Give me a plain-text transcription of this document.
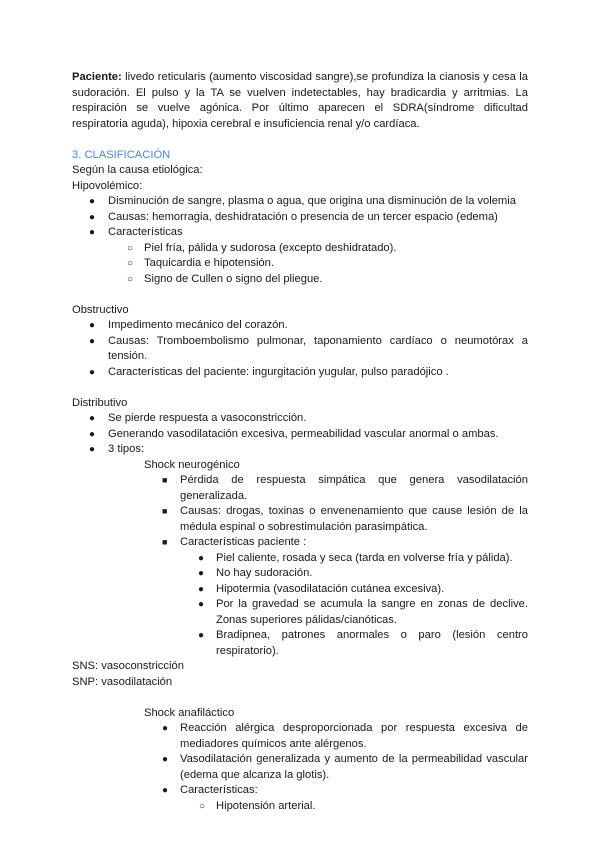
Paciente: livedo reticularis (aumento viscosidad sangre),se profundiza la cianosis y cesa la sudoración. El pulso y la TA se vuelven indetectables, hay bradicardia y arritmias. La respiración se vuelve agónica. Por último aparecen el SDRA(síndrome dificultad respiratoria aguda), hipoxia cerebral e insuficiencia renal y/o cardíaca.

3. CLASIFICACIÓN

Según la causa etiológica:

Hipovolémico:

● Disminución de sangre, plasma o agua, que origina una disminución de la volemia
● Causas: hemorragia, deshidratación o presencia de un tercer espacio (edema)
● Características
○ Piel fría, pálida y sudorosa (excepto deshidratado).
○ Taquicardia e hipotensión.
○ Signo de Cullen o signo del pliegue.

Obstructivo

● Impedimento mecánico del corazón.
● Causas: Tromboembolismo pulmonar, taponamiento cardíaco o neumotórax a tensión.
● Características del paciente: ingurgitación yugular, pulso paradójico .

Distributivo

● Se pierde respuesta a vasoconstricción.
● Generando vasodilatación excesiva, permeabilidad vascular anormal o ambas.
● 3 tipos:

Shock neurogénico

■ Pérdida de respuesta simpática que genera vasodilatación generalizada.
■ Causas: drogas, toxinas o envenenamiento que cause lesión de la médula espinal o sobrestimulación parasimpática.
■ Características paciente :
● Piel caliente, rosada y seca (tarda en volverse fría y pálida).
● No hay sudoración.
● Hipotermia (vasodilatación cutánea excesiva).
● Por la gravedad se acumula la sangre en zonas de declive. Zonas superiores pálidas/cianóticas.
● Bradipnea, patrones anormales o paro (lesión centro respiratorio).

SNS: vasoconstricción

SNP: vasodilatación

Shock anafiláctico

● Reacción alérgica desproporcionada por respuesta excesiva de mediadores químicos ante alérgenos.
● Vasodilatación generalizada y aumento de la permeabilidad vascular (edema que alcanza la glotis).
● Características:
○ Hipotensión arterial.
